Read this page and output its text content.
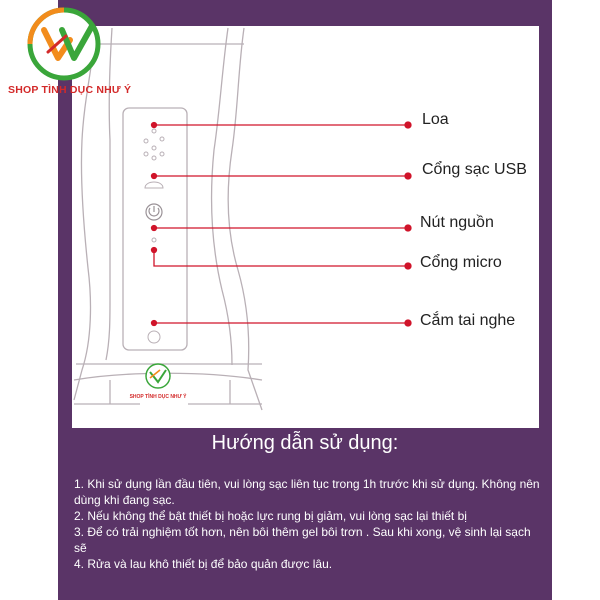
SHOP TÌNH DỤC NHƯ Ý
Loa
Cổng sạc USB
Nút nguồn
Cổng micro
Cắm tai nghe
SHOP TÌNH DỤC NHƯ Ý
Hướng dẫn sử dụng:

1. Khi sử dụng lần đầu tiên, vui lòng sạc liên tục trong 1h trước khi sử dụng. Không nên dùng khi đang sạc.

2. Nếu không thể bật thiết bị hoặc lực rung bị giảm, vui lòng sạc lại thiết bị

3. Để có trải nghiệm tốt hơn, nên bôi thêm gel bôi trơn . Sau khi xong, vệ sinh lại sạch sẽ

4. Rửa và lau khô thiết bị để bảo quản được lâu.
